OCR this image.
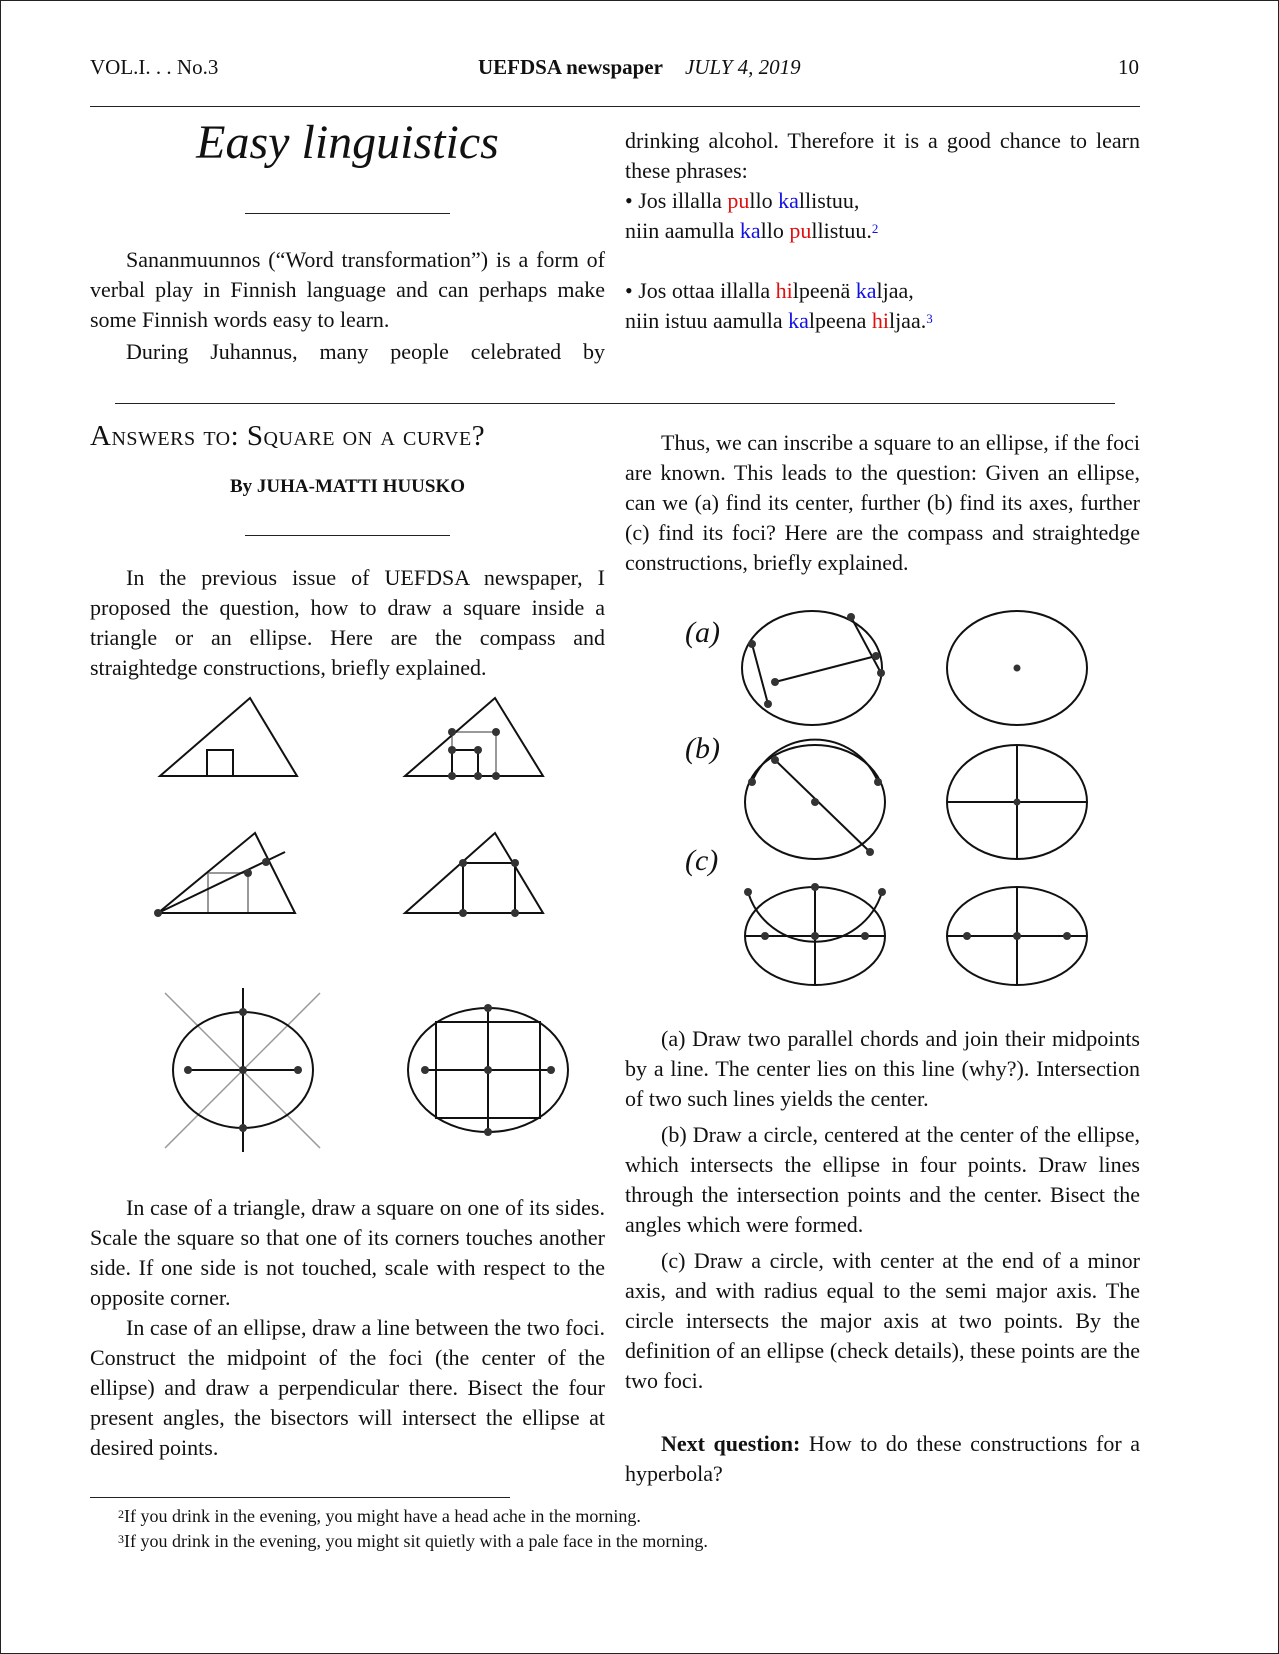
VOL.I. . . No.3	UEFDSA newspaper JULY 4, 2019	10
Easy linguistics

Sananmuunnos (“Word transformation”) is a form of verbal play in Finnish language and can perhaps make some Finnish words easy to learn.

During Juhannus, many people celebrated by

drinking alcohol. Therefore it is a good chance to learn these phrases:

• Jos illalla pullo kallistuu,
niin aamulla kallo pullistuu.$^2$
• Jos ottaa illalla hilpeenä kaljaa,
niin istuu aamulla kalpeena hiljaa.$^3$
Answers to: Square on a curve?
By JUHA-MATTI HUUSKO

In the previous issue of UEFDSA newspaper, I proposed the question, how to draw a square inside a triangle or an ellipse. Here are the compass and straightedge constructions, briefly explained.

In case of a triangle, draw a square on one of its sides. Scale the square so that one of its corners touches another side. If one side is not touched, scale with respect to the opposite corner.

In case of an ellipse, draw a line between the two foci. Construct the midpoint of the foci (the center of the ellipse) and draw a perpendicular there. Bisect the four present angles, the bisectors will intersect the ellipse at desired points.

Thus, we can inscribe a square to an ellipse, if the foci are known. This leads to the question: Given an ellipse, can we (a) find its center, further (b) find its axes, further (c) find its foci? Here are the compass and straightedge constructions, briefly explained.

(a)
(b)
(c)

(a) Draw two parallel chords and join their midpoints by a line. The center lies on this line (why?). Intersection of two such lines yields the center.

(b) Draw a circle, centered at the center of the ellipse, which intersects the ellipse in four points. Draw lines through the intersection points and the center. Bisect the angles which were formed.

(c) Draw a circle, with center at the end of a minor axis, and with radius equal to the semi major axis. The circle intersects the major axis at two points. By the definition of an ellipse (check details), these points are the two foci.

Next question: How to do these constructions for a hyperbola?

$^2$If you drink in the evening, you might have a head ache in the morning.
$^3$If you drink in the evening, you might sit quietly with a pale face in the morning.
